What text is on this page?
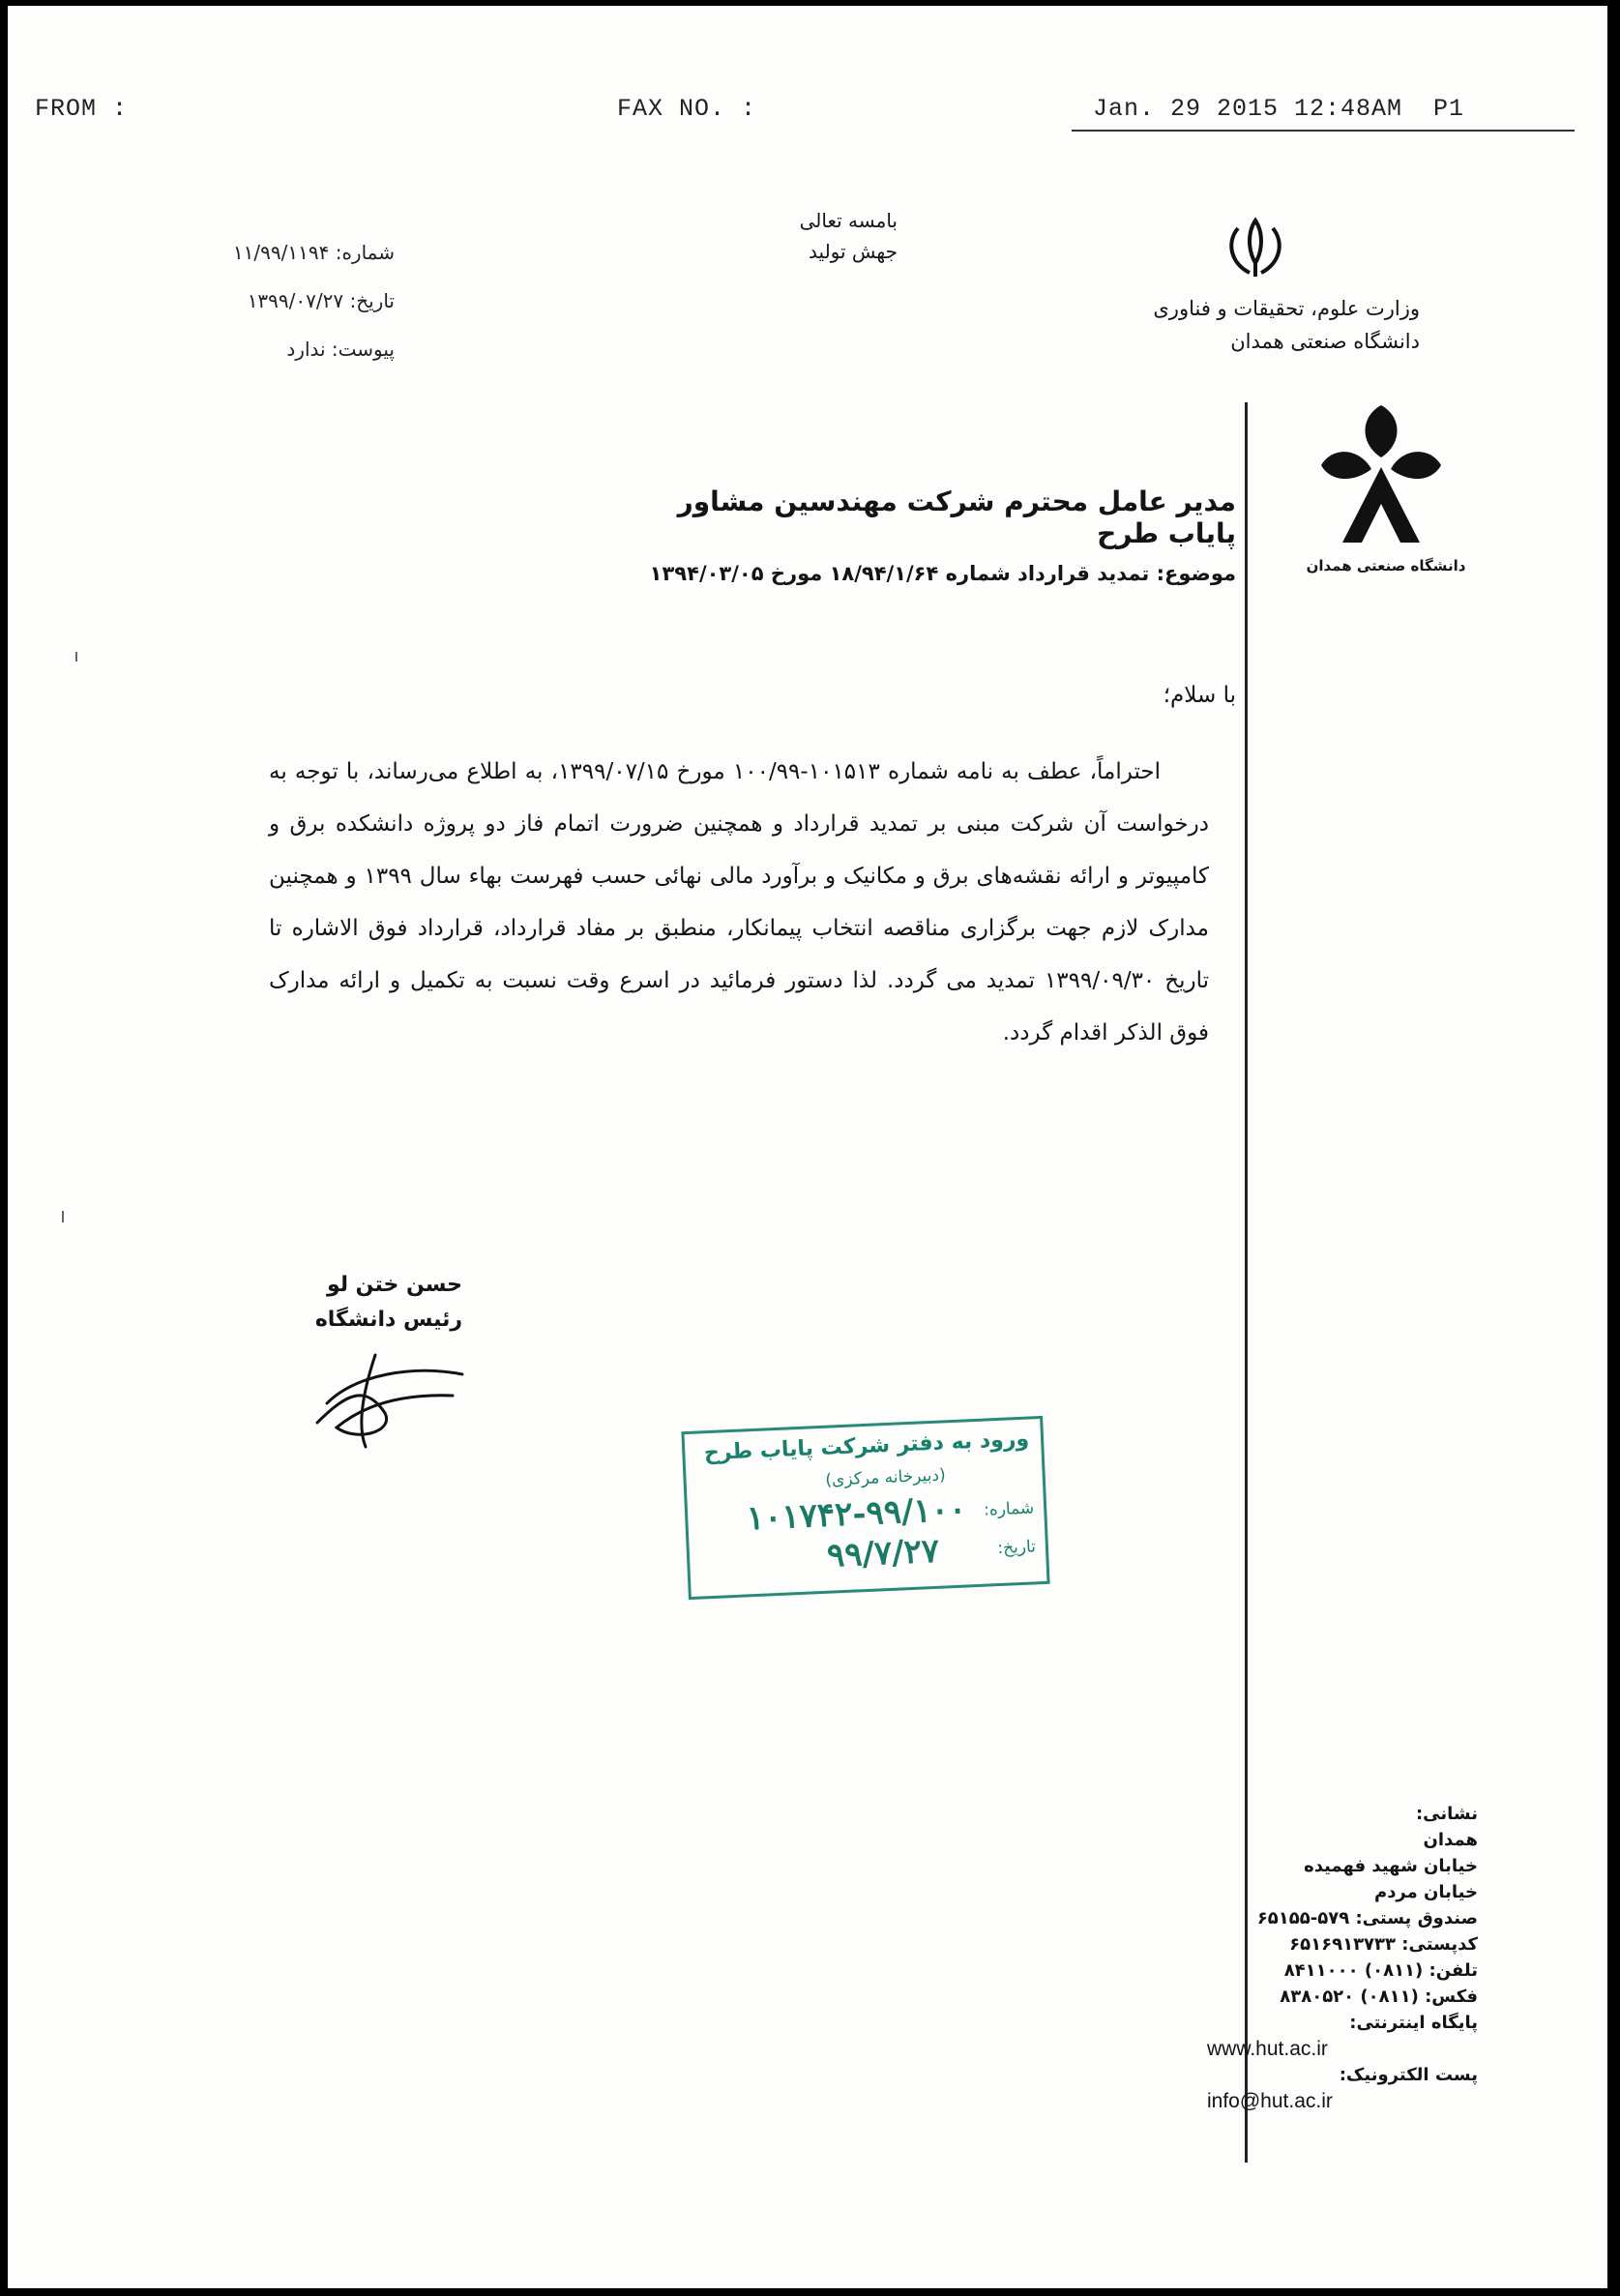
FROM :	FAX NO. :	Jan. 29 2015 12:48AM P1
بامسه تعالی
جهش تولید
وزارت علوم، تحقیقات و فناوری
دانشگاه صنعتی همدان
شماره: ۱۱/۹۹/۱۱۹۴
تاریخ: ۱۳۹۹/۰۷/۲۷
پیوست: ندارد
دانشگاه صنعتی همدان
مدیر عامل محترم شرکت مهندسین مشاور پایاب طرح
موضوع: تمدید قرارداد شماره ۱۸/۹۴/۱/۶۴ مورخ ۱۳۹۴/۰۳/۰۵
با سلام؛

احتراماً، عطف به نامه شماره ۱۰۱۵۱۳-۱۰۰/۹۹ مورخ ۱۳۹۹/۰۷/۱۵، به اطلاع می‌رساند، با توجه به درخواست آن شرکت مبنی بر تمدید قرارداد و همچنین ضرورت اتمام فاز دو پروژه دانشکده برق و کامپیوتر و ارائه نقشه‌های برق و مکانیک و برآورد مالی نهائی حسب فهرست بهاء سال ۱۳۹۹ و همچنین مدارک لازم جهت برگزاری مناقصه انتخاب پیمانکار، منطبق بر مفاد قرارداد، قرارداد فوق الاشاره تا تاریخ ۱۳۹۹/۰۹/۳۰ تمدید می گردد. لذا دستور فرمائید در اسرع وقت نسبت به تکمیل و ارائه مدارک فوق الذکر اقدام گردد.

حسن ختن لو
رئیس دانشگاه
ورود به دفتر شرکت پایاب طرح
(دبیرخانه مرکزی)
شماره:
تاریخ:
۱۰۱۷۴۲-۹۹/۱۰۰
۹۹/۷/۲۷
نشانی:
همدان
خیابان شهید فهمیده
خیابان مردم
صندوق پستی: ۵۷۹-۶۵۱۵۵
کدپستی: ۶۵۱۶۹۱۳۷۳۳
تلفن: (۰۸۱۱) ۸۴۱۱۰۰۰
فکس: (۰۸۱۱) ۸۳۸۰۵۲۰
پایگاه اینترنتی:
www.hut.ac.ir
پست الکترونیک:
info@hut.ac.ir
